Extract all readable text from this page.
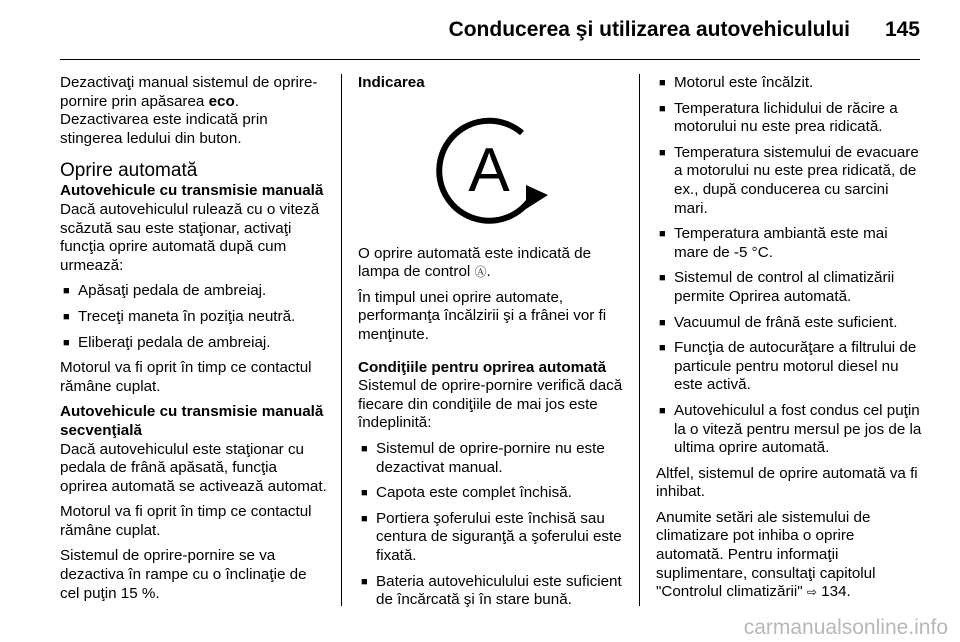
Conducerea şi utilizarea autovehiculului 145

Dezactivaţi manual sistemul de oprire-pornire prin apăsarea eco. Dezactivarea este indicată prin stingerea ledului din buton.

Oprire automată
Autovehicule cu transmisie manuală

Dacă autovehiculul rulează cu o viteză scăzută sau este staţionar, activaţi funcţia oprire automată după cum urmează:

■ Apăsaţi pedala de ambreiaj.
■ Treceţi maneta în poziţia neutră.
■ Eliberaţi pedala de ambreiaj.

Motorul va fi oprit în timp ce contactul rămâne cuplat.

Autovehicule cu transmisie manuală secvenţială

Dacă autovehiculul este staţionar cu pedala de frână apăsată, funcţia oprirea automată se activează automat.

Motorul va fi oprit în timp ce contactul rămâne cuplat.

Sistemul de oprire-pornire se va dezactiva în rampe cu o înclinaţie de cel puţin 15 %.

Indicarea
A

O oprire automată este indicată de lampa de control Ⓐ.

În timpul unei oprire automate, performanţa încălzirii şi a frânei vor fi menţinute.

Condiţiile pentru oprirea automată

Sistemul de oprire-pornire verifică dacă fiecare din condiţiile de mai jos este îndeplinită:

■ Sistemul de oprire-pornire nu este dezactivat manual.
■ Capota este complet închisă.
■ Portiera şoferului este închisă sau centura de siguranţă a şoferului este fixată.
■ Bateria autovehiculului este suficient de încărcată şi în stare bună.
■ Motorul este încălzit.
■ Temperatura lichidului de răcire a motorului nu este prea ridicată.
■ Temperatura sistemului de evacuare a motorului nu este prea ridicată, de ex., după conducerea cu sarcini mari.
■ Temperatura ambiantă este mai mare de -5 °C.
■ Sistemul de control al climatizării permite Oprirea automată.
■ Vacuumul de frână este suficient.
■ Funcţia de autocurăţare a filtrului de particule pentru motorul diesel nu este activă.
■ Autovehiculul a fost condus cel puţin la o viteză pentru mersul pe jos de la ultima oprire automată.

Altfel, sistemul de oprire automată va fi inhibat.

Anumite setări ale sistemului de climatizare pot inhiba o oprire automată. Pentru informaţii suplimentare, consultaţi capitolul "Controlul climatizării" ⇨ 134.

carmanualsonline.info
